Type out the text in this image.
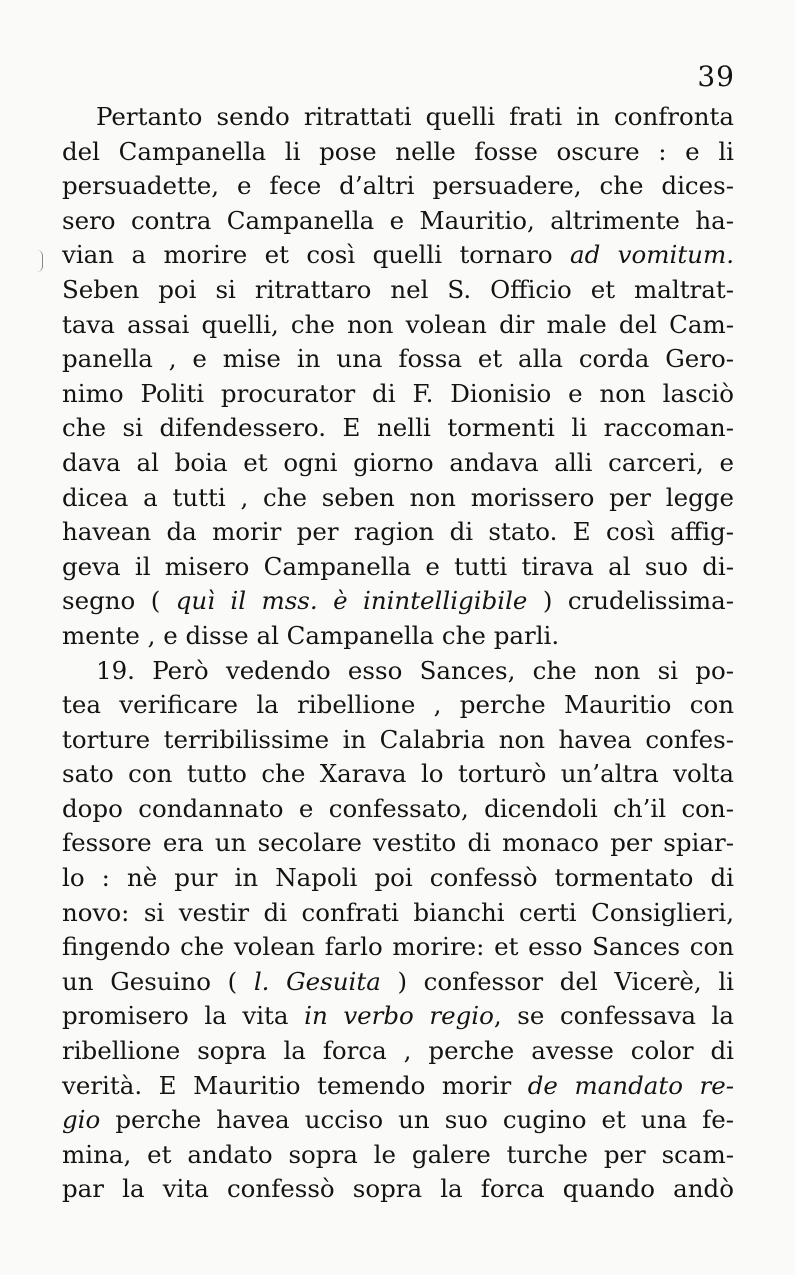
39
Pertanto sendo ritrattati quelli frati in confronta
del Campanella li pose nelle fosse oscure : e li
persuadette, e fece d’altri persuadere, che dices-
sero contra Campanella e Mauritio, altrimente ha-
vian a morire et così quelli tornaro ad vomitum.
Seben poi si ritrattaro nel S. Officio et maltrat-
tava assai quelli, che non volean dir male del Cam-
panella , e mise in una fossa et alla corda Gero-
nimo Politi procurator di F. Dionisio e non lasciò
che si difendessero. E nelli tormenti li raccoman-
dava al boia et ogni giorno andava alli carceri, e
dicea a tutti , che seben non morissero per legge
havean da morir per ragion di stato. E così affig-
geva il misero Campanella e tutti tirava al suo di-
segno ( quì il mss. è inintelligibile ) crudelissima-
mente , e disse al Campanella che parli.
19. Però vedendo esso Sances, che non si po-
tea verificare la ribellione , perche Mauritio con
torture terribilissime in Calabria non havea confes-
sato con tutto che Xarava lo torturò un’altra volta
dopo condannato e confessato, dicendoli ch’il con-
fessore era un secolare vestito di monaco per spiar-
lo : nè pur in Napoli poi confessò tormentato di
novo: si vestir di confrati bianchi certi Consiglieri,
fingendo che volean farlo morire: et esso Sances con
un Gesuino ( l. Gesuita ) confessor del Vicerè, li
promisero la vita in verbo regio, se confessava la
ribellione sopra la forca , perche avesse color di
verità. E Mauritio temendo morir de mandato re-
gio perche havea ucciso un suo cugino et una fe-
mina, et andato sopra le galere turche per scam-
par la vita confessò sopra la forca quando andò
